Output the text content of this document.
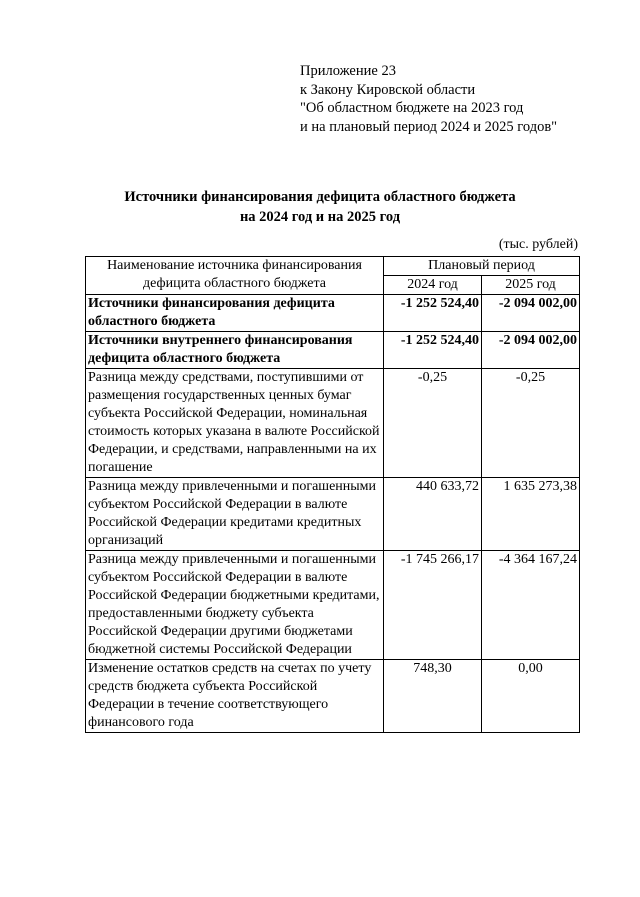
Приложение 23
к Закону Кировской области
"Об областном бюджете на 2023 год
и на плановый период 2024 и 2025 годов"
Источники финансирования дефицита областного бюджета
на 2024 год и на 2025 год
(тыс. рублей)
Наименование источника финансирования дефицита областного бюджета	Плановый период	
	2024 год	2025 год
Источники финансирования дефицита областного бюджета	-1 252 524,40	-2 094 002,00
Источники внутреннего финансирования дефицита областного бюджета	-1 252 524,40	-2 094 002,00
Разница между средствами, поступившими от размещения государственных ценных бумаг субъекта Российской Федерации, номинальная стоимость которых указана в валюте Российской Федерации, и средствами, направленными на их погашение	-0,25	-0,25
Разница между привлеченными и погашенными субъектом Российской Федерации в валюте Российской Федерации кредитами кредитных организаций	440 633,72	1 635 273,38
Разница между привлеченными и погашенными субъектом Российской Федерации в валюте Российской Федерации бюджетными кредитами, предоставленными бюджету субъекта Российской Федерации другими бюджетами бюджетной системы Российской Федерации	-1 745 266,17	-4 364 167,24
Изменение остатков средств на счетах по учету средств бюджета субъекта Российской Федерации в течение соответствующего финансового года	748,30	0,00
